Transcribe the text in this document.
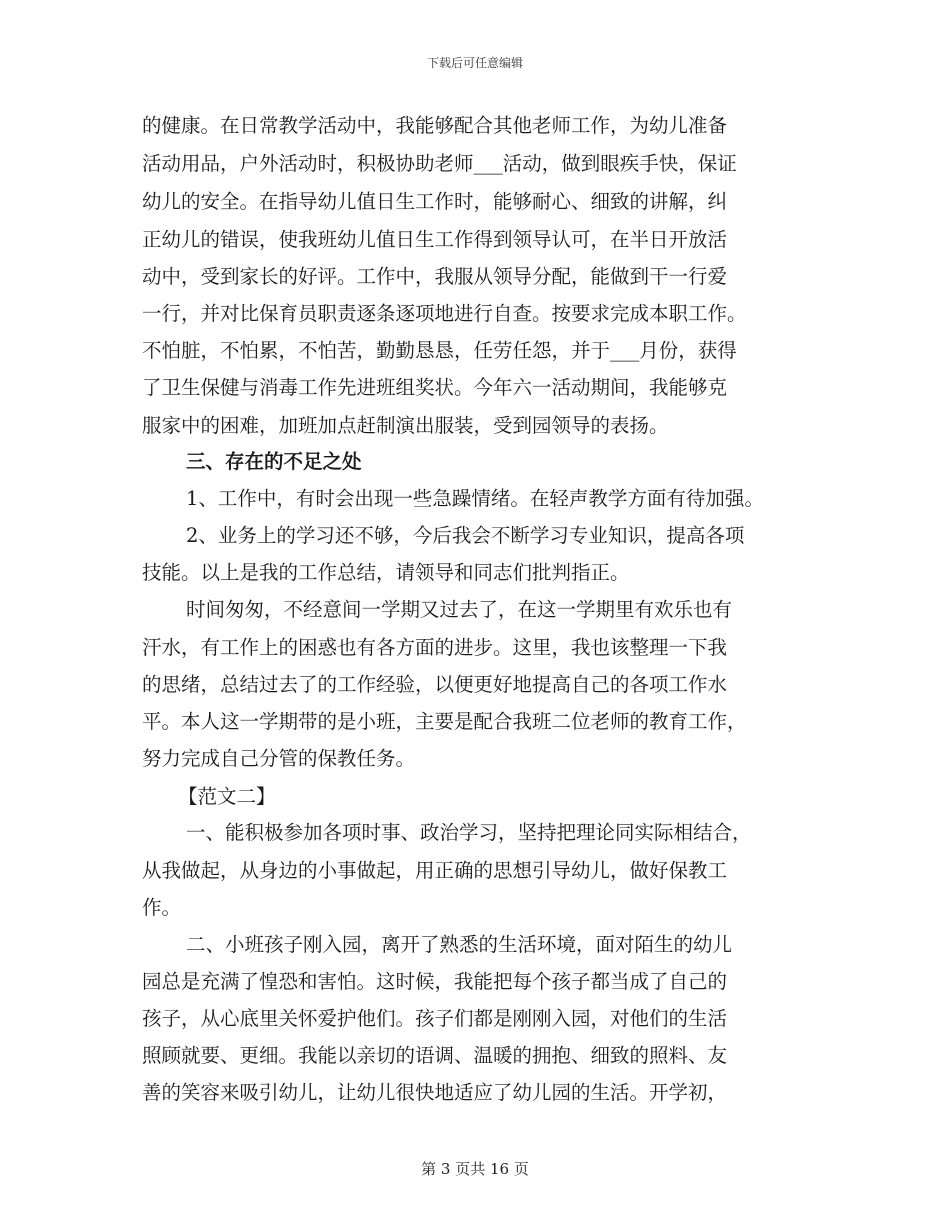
下载后可任意编辑
的健康。在日常教学活动中，我能够配合其他老师工作，为幼儿准备
活动用品，户外活动时，积极协助老师___活动，做到眼疾手快，保证
幼儿的安全。在指导幼儿值日生工作时，能够耐心、细致的讲解，纠
正幼儿的错误，使我班幼儿值日生工作得到领导认可，在半日开放活
动中，受到家长的好评。工作中，我服从领导分配，能做到干一行爱
一行，并对比保育员职责逐条逐项地进行自查。按要求完成本职工作。
不怕脏，不怕累，不怕苦，勤勤恳恳，任劳任怨，并于___月份，获得
了卫生保健与消毒工作先进班组奖状。今年六一活动期间，我能够克
服家中的困难，加班加点赶制演出服装，受到园领导的表扬。
三、存在的不足之处
1、工作中，有时会出现一些急躁情绪。在轻声教学方面有待加强。
2、业务上的学习还不够，今后我会不断学习专业知识，提高各项
技能。以上是我的工作总结，请领导和同志们批判指正。
时间匆匆，不经意间一学期又过去了，在这一学期里有欢乐也有
汗水，有工作上的困惑也有各方面的进步。这里，我也该整理一下我
的思绪，总结过去了的工作经验，以便更好地提高自己的各项工作水
平。本人这一学期带的是小班，主要是配合我班二位老师的教育工作，
努力完成自己分管的保教任务。
【范文二】
一、能积极参加各项时事、政治学习，坚持把理论同实际相结合，
从我做起，从身边的小事做起，用正确的思想引导幼儿，做好保教工
作。
二、小班孩子刚入园，离开了熟悉的生活环境，面对陌生的幼儿
园总是充满了惶恐和害怕。这时候，我能把每个孩子都当成了自己的
孩子，从心底里关怀爱护他们。孩子们都是刚刚入园，对他们的生活
照顾就要、更细。我能以亲切的语调、温暖的拥抱、细致的照料、友
善的笑容来吸引幼儿，让幼儿很快地适应了幼儿园的生活。开学初，
第 3 页共 16 页
